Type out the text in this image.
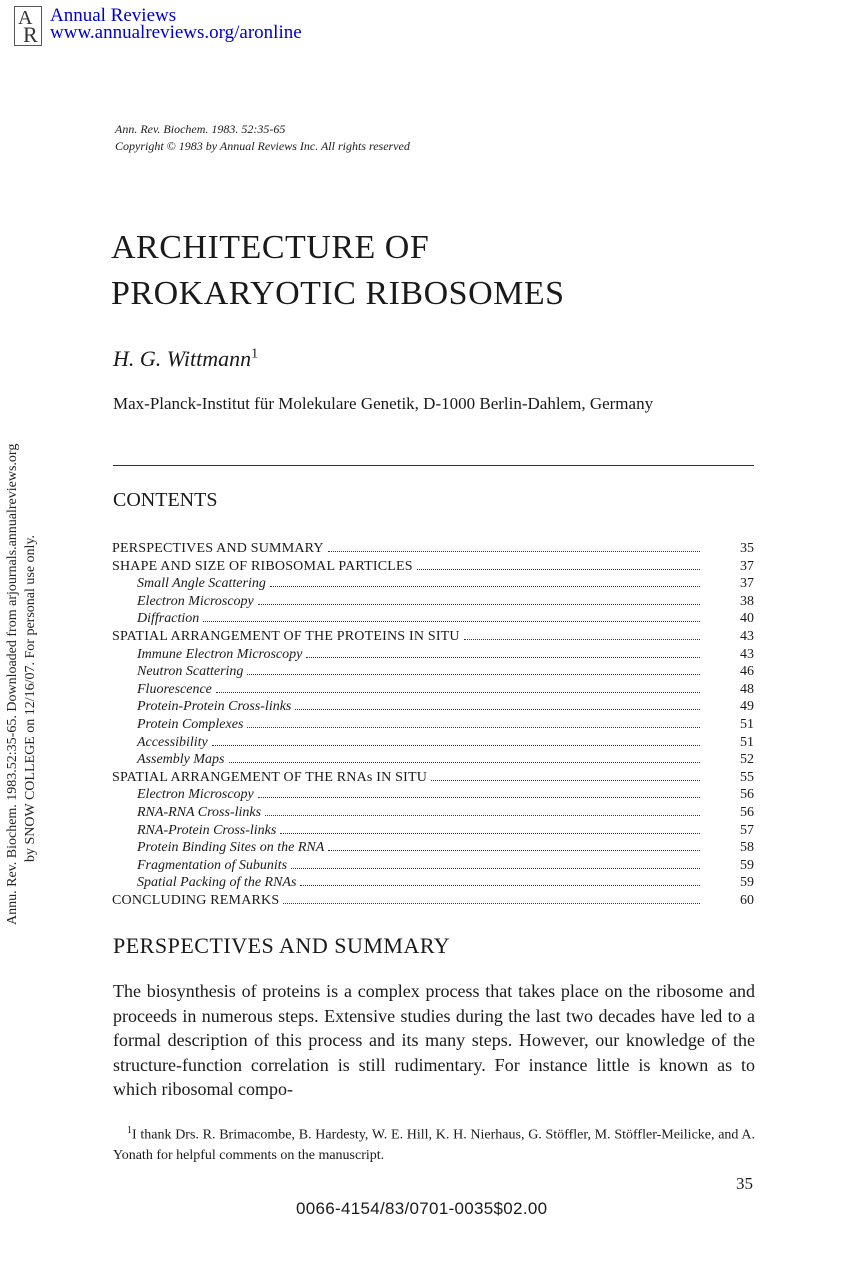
A
R
Annual Reviews
www.annualreviews.org/aronline
Annu. Rev. Biochem. 1983.52:35-65. Downloaded from arjournals.annualreviews.org by SNOW COLLEGE on 12/16/07. For personal use only.
Ann. Rev. Biochem. 1983. 52:35-65
Copyright © 1983 by Annual Reviews Inc. All rights reserved
ARCHITECTURE OF
PROKARYOTIC RIBOSOMES
H. G. Wittmann$^1$
Max-Planck-Institut für Molekulare Genetik, D-1000 Berlin-Dahlem, Germany
CONTENTS
PERSPECTIVES AND SUMMARY	35
SHAPE AND SIZE OF RIBOSOMAL PARTICLES	37
Small Angle Scattering	37
Electron Microscopy	38
Diffraction	40
SPATIAL ARRANGEMENT OF THE PROTEINS IN SITU	43
Immune Electron Microscopy	43
Neutron Scattering	46
Fluorescence	48
Protein-Protein Cross-links	49
Protein Complexes	51
Accessibility	51
Assembly Maps	52
SPATIAL ARRANGEMENT OF THE RNAs IN SITU	55
Electron Microscopy	56
RNA-RNA Cross-links	56
RNA-Protein Cross-links	57
Protein Binding Sites on the RNA	58
Fragmentation of Subunits	59
Spatial Packing of the RNAs	59
CONCLUDING REMARKS	60
PERSPECTIVES AND SUMMARY
The biosynthesis of proteins is a complex process that takes place on the ribosome and proceeds in numerous steps. Extensive studies during the last two decades have led to a formal description of this process and its many steps. However, our knowledge of the structure-function correlation is still rudimentary. For instance little is known as to which ribosomal compo-
$^1$I thank Drs. R. Brimacombe, B. Hardesty, W. E. Hill, K. H. Nierhaus, G. Stöffler, M. Stöffler-Meilicke, and A. Yonath for helpful comments on the manuscript.
35
0066-4154/83/0701-0035$02.00
